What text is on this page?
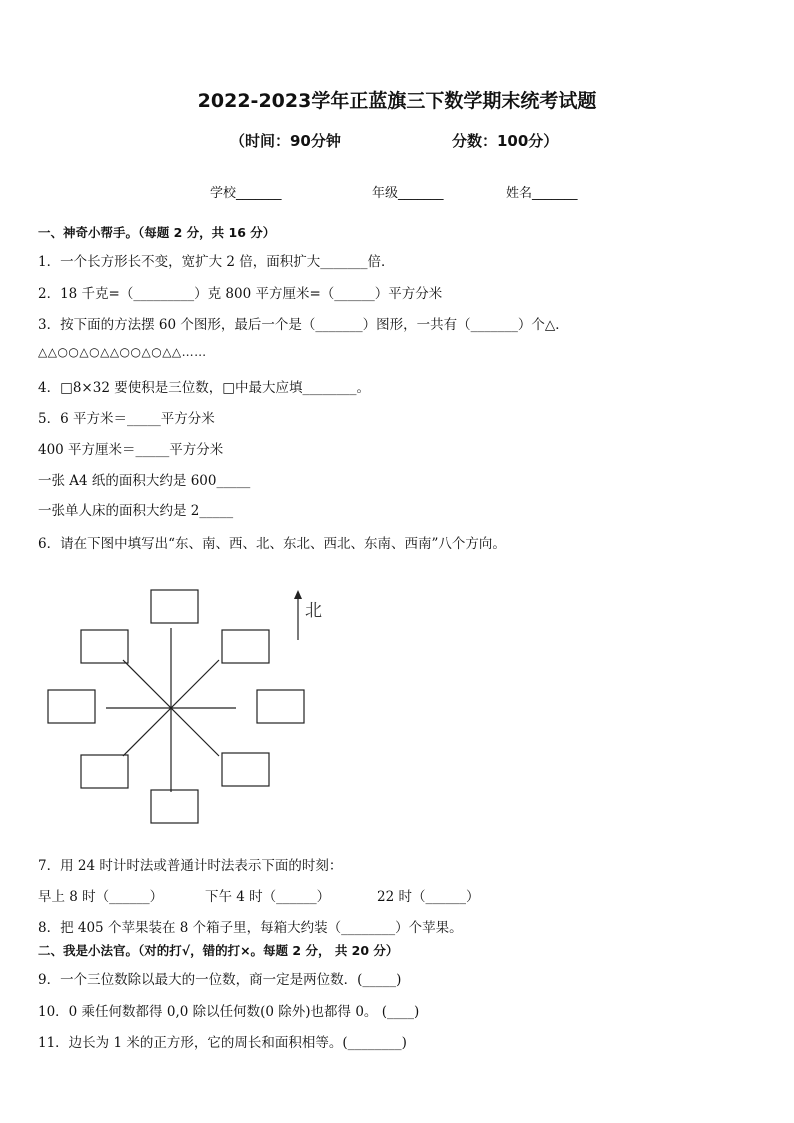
2022-2023学年正蓝旗三下数学期末统考试题
（时间：90分钟	分数：100分）
学校_______	年级_______	姓名_______
一、神奇小帮手。（每题 2 分，共 16 分）
1．一个长方形长不变，宽扩大 2 倍，面积扩大_______倍．
2．18 千克=（_________）克 800 平方厘米=（______）平方分米
3．按下面的方法摆 60 个图形，最后一个是（_______）图形，一共有（_______）个△．
△△○○△○△△○○△○△△……
4．□8×32 要使积是三位数，□中最大应填________。
5．6 平方米＝_____平方分米
400 平方厘米＝_____平方分米
一张 A4 纸的面积大约是 600_____
一张单人床的面积大约是 2_____
6．请在下图中填写出“东、南、西、北、东北、西北、东南、西南”八个方向。
北
7．用 24 时计时法或普通计时法表示下面的时刻：
早上 8 时（______）	下午 4 时（______）	22 时（______）
8．把 405 个苹果装在 8 个箱子里，每箱大约装（________）个苹果。
二、我是小法官。（对的打√，错的打×。每题 2 分， 共 20 分）
9．一个三位数除以最大的一位数，商一定是两位数．(_____)
10．0 乘任何数都得 0,0 除以任何数(0 除外)也都得 0。 (____)
11．边长为 1 米的正方形，它的周长和面积相等。(________)
